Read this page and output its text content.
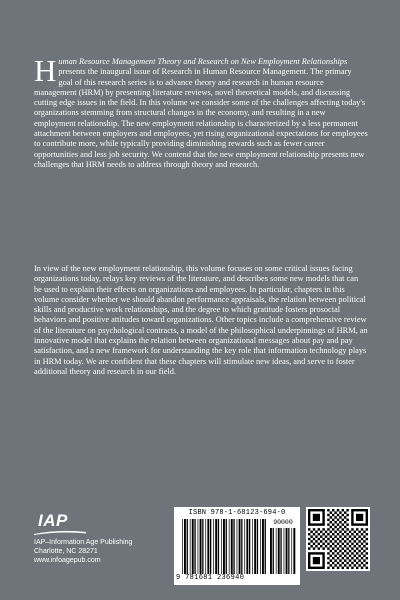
Human Resource Management Theory and Research on New Employment Relationships presents the inaugural issue of Research in Human Resource Management. The primary goal of this research series is to advance theory and research in human resource management (HRM) by presenting literature reviews, novel theoretical models, and discussing cutting edge issues in the field. In this volume we consider some of the challenges affecting today's organizations stemming from structural changes in the economy, and resulting in a new employment relationship. The new employment relationship is characterized by a less permanent attachment between employers and employees, yet rising organizational expectations for employees to contribute more, while typically providing diminishing rewards such as fewer career opportunities and less job security. We contend that the new employment relationship presents new challenges that HRM needs to address through theory and research.

In view of the new employment relationship, this volume focuses on some critical issues facing organizations today, relays key reviews of the literature, and describes some new models that can be used to explain their effects on organizations and employees. In particular, chapters in this volume consider whether we should abandon performance appraisals, the relation between political skills and productive work relationships, and the degree to which gratitude fosters prosocial behaviors and positive attitudes toward organizations. Other topics include a comprehensive review of the literature on psychological contracts, a model of the philosophical underpinnings of HRM, an innovative model that explains the relation between organizational messages about pay and pay satisfaction, and a new framework for understanding the key role that information technology plays in HRM today. We are confident that these chapters will stimulate new ideas, and serve to foster additional theory and research in our field.

IAP
IAP–Information Age Publishing
Charlotte, NC 28271
www.infoagepub.com
ISBN 978-1-68123-694-0
90000
9 781681 236940
